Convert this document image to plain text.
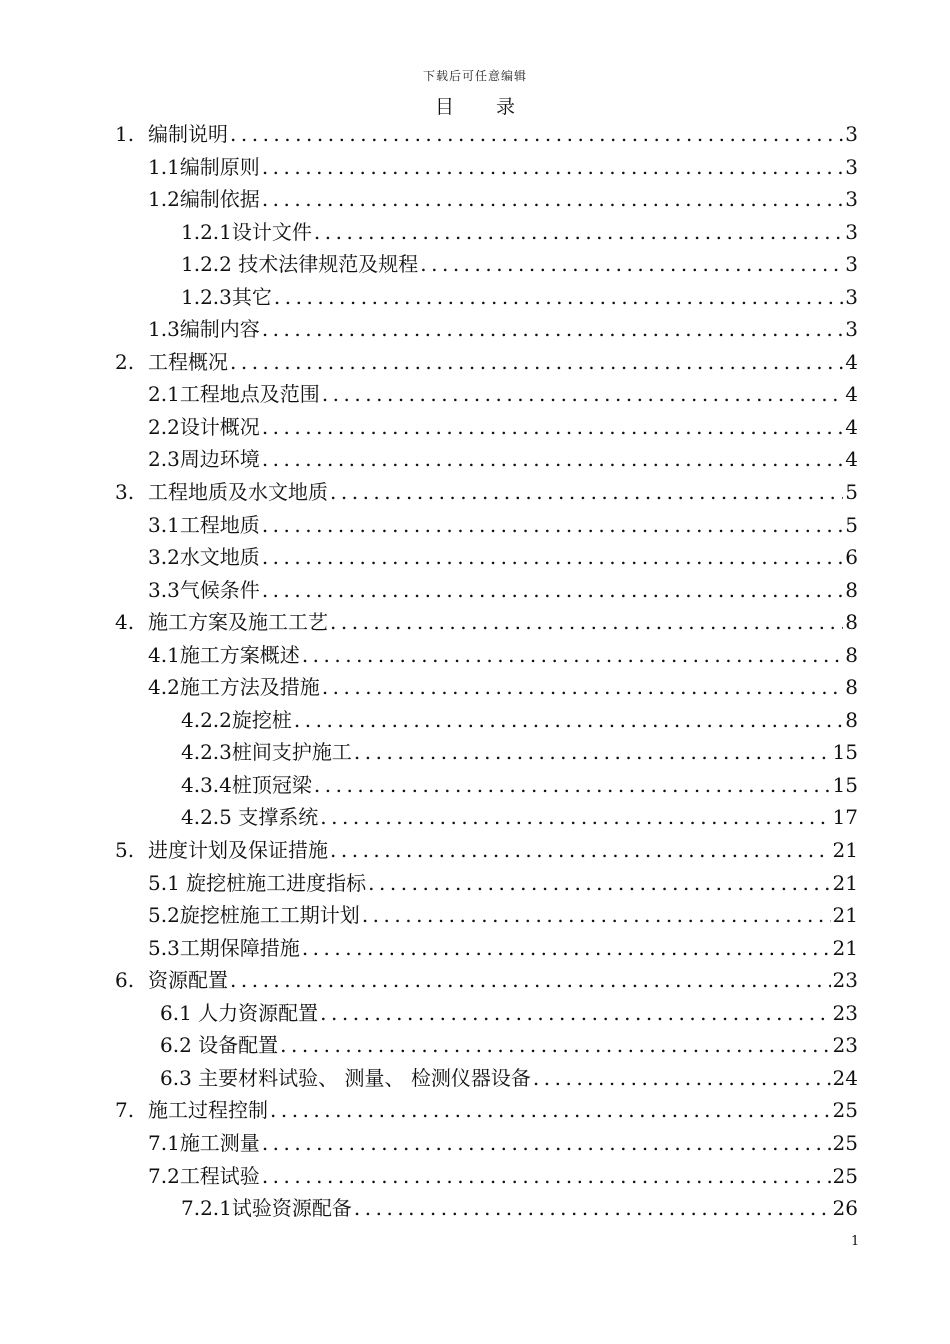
下载后可任意编辑
目 录
1. 编制说明 .....	3
1.1 编制原则 .....	3
1.2 编制依据 .....	3
1.2.1 设计文件 .....	3
1.2.2 技术法律规范及规程 .....	3
1.2.3 其它 .....	3
1.3 编制内容 .....	3
2. 工程概况 .....	4
2.1 工程地点及范围 .....	4
2.2 设计概况 .....	4
2.3 周边环境 .....	4
3. 工程地质及水文地质 .....	5
3.1 工程地质 .....	5
3.2 水文地质 .....	6
3.3 气候条件 .....	8
4. 施工方案及施工工艺 .....	8
4.1 施工方案概述 .....	8
4.2 施工方法及措施 .....	8
4.2.2 旋挖桩 .....	8
4.2.3 桩间支护施工 .....	15
4.3.4 桩顶冠梁 .....	15
4.2.5 支撑系统 .....	17
5. 进度计划及保证措施 .....	21
5.1 旋挖桩施工进度指标 .....	21
5.2 旋挖桩施工工期计划 .....	21
5.3 工期保障措施 .....	21
6. 资源配置 .....	23
6.1 人力资源配置 .....	23
6.2 设备配置 .....	23
6.3 主要材料试验、 测量、 检测仪器设备 .....	24
7. 施工过程控制 .....	25
7.1 施工测量 .....	25
7.2 工程试验 .....	25
7.2.1 试验资源配备 .....	26
1
